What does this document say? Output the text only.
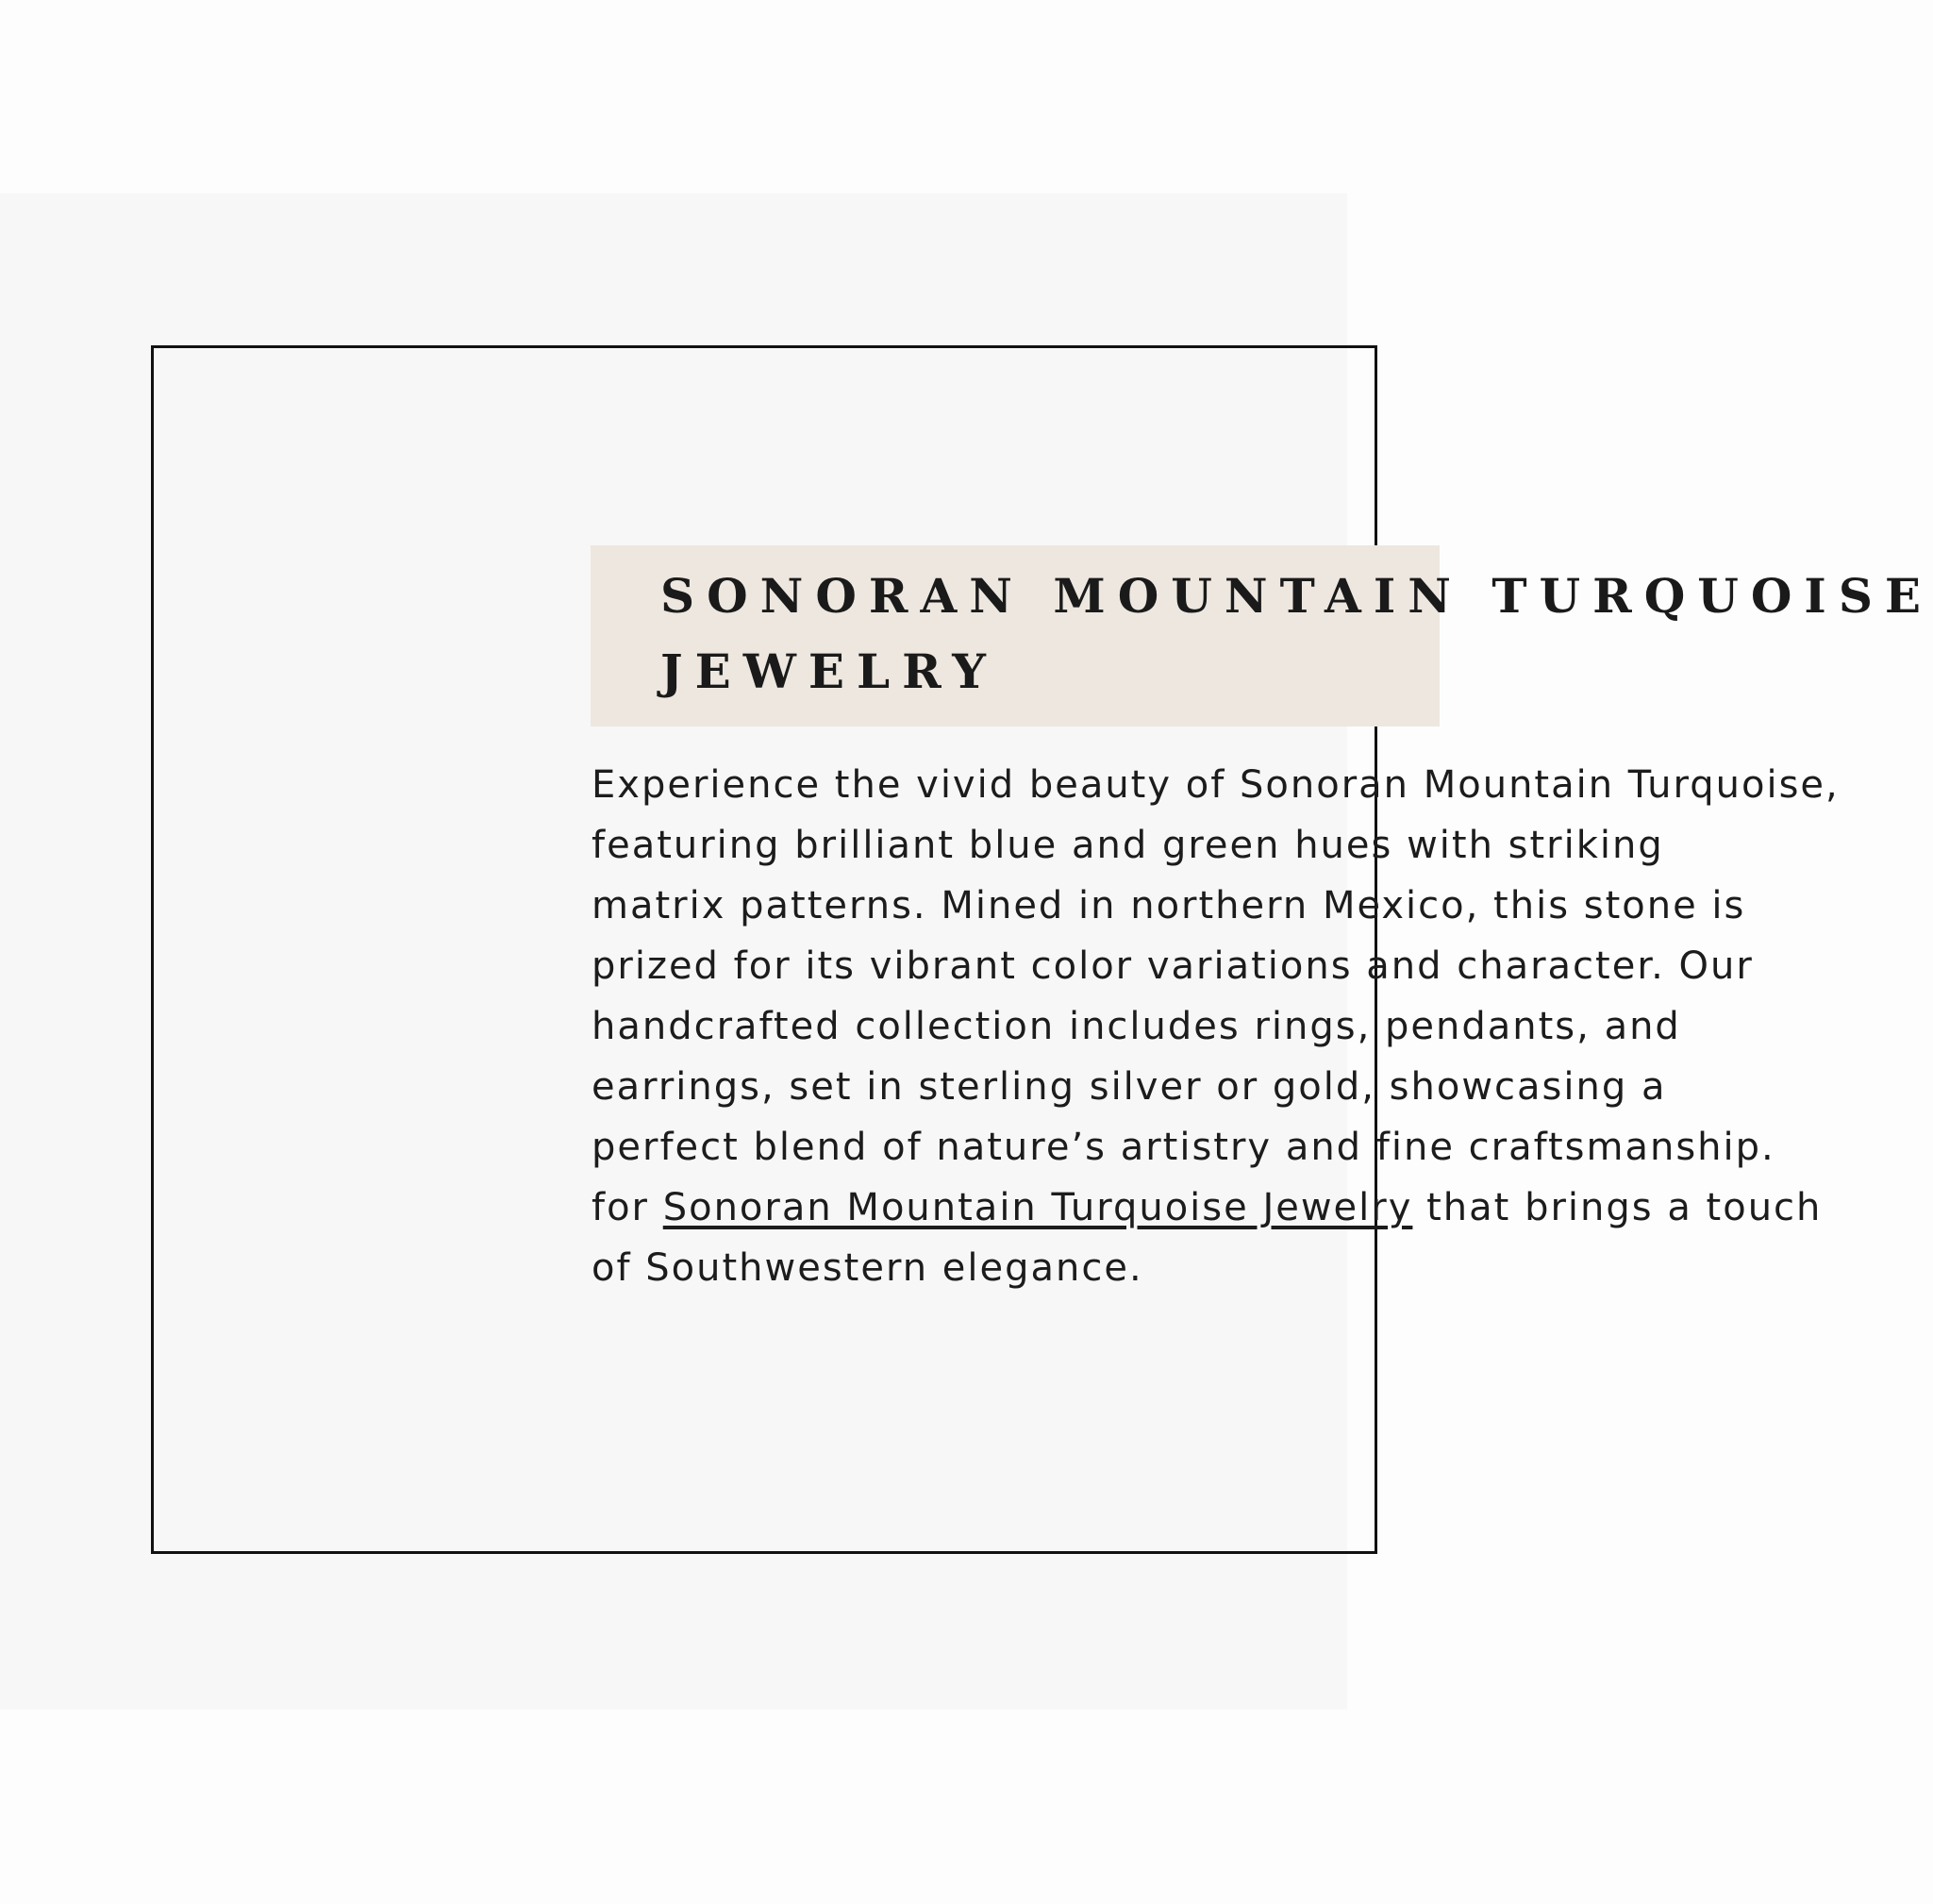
SONORAN MOUNTAIN TURQUOISE
JEWELRY

Experience the vivid beauty of Sonoran Mountain Turquoise,
featuring brilliant blue and green hues with striking
matrix patterns. Mined in northern Mexico, this stone is
prized for its vibrant color variations and character. Our
handcrafted collection includes rings, pendants, and
earrings, set in sterling silver or gold, showcasing a
perfect blend of nature’s artistry and fine craftsmanship.
for Sonoran Mountain Turquoise Jewelry that brings a touch
of Southwestern elegance.
